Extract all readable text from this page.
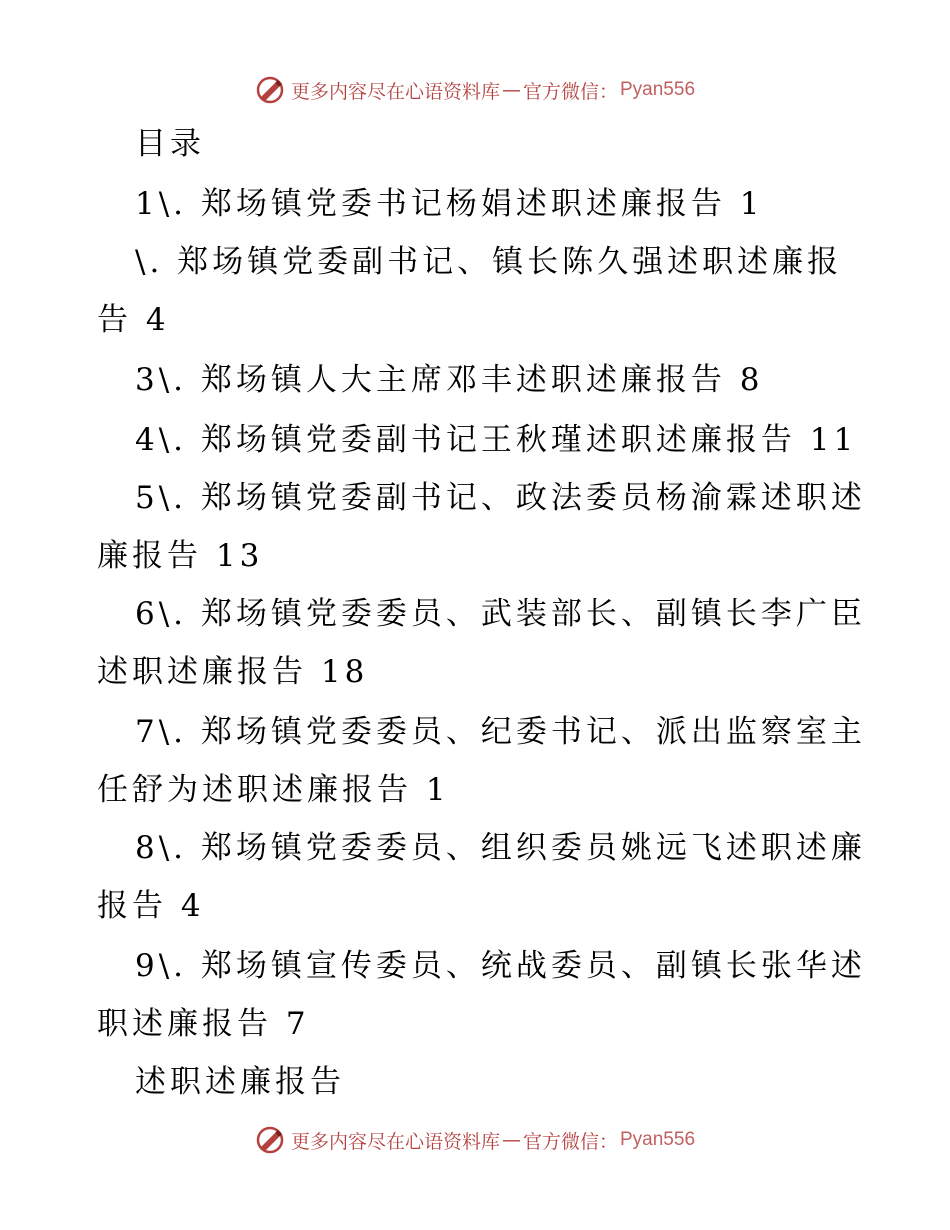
更多内容尽在心语资料库 — 官方微信： Pyan556
目录
1\. 郑场镇党委书记杨娟述职述廉报告 1
\. 郑场镇党委副书记、镇长陈久强述职述廉报
告 4
3\. 郑场镇人大主席邓丰述职述廉报告 8
4\. 郑场镇党委副书记王秋瑾述职述廉报告 11
5\. 郑场镇党委副书记、政法委员杨渝霖述职述
廉报告 13
6\. 郑场镇党委委员、武装部长、副镇长李广臣
述职述廉报告 18
7\. 郑场镇党委委员、纪委书记、派出监察室主
任舒为述职述廉报告 1
8\. 郑场镇党委委员、组织委员姚远飞述职述廉
报告 4
9\. 郑场镇宣传委员、统战委员、副镇长张华述
职述廉报告 7
述职述廉报告
更多内容尽在心语资料库 — 官方微信： Pyan556
